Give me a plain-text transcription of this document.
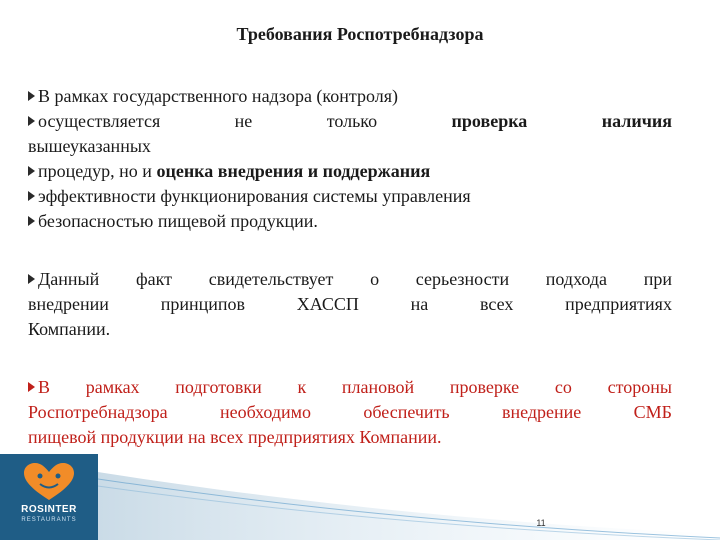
Требования Роспотребнадзора
В рамках государственного надзора (контроля)
осуществляется	не	только	проверка	наличия
вышеуказанных
процедур, но и оценка внедрения и поддержания
эффективности функционирования системы управления
безопасностью пищевой продукции.
Данный факт свидетельствует о серьезности подхода при
внедрении	принципов	ХАССП	на	всех	предприятиях
Компании.
В рамках подготовки к плановой проверке со стороны
Роспотребнадзора	необходимо	обеспечить	внедрение	СМБ
пищевой продукции на всех предприятиях Компании.
ROSINTER
RESTAURANTS	11
